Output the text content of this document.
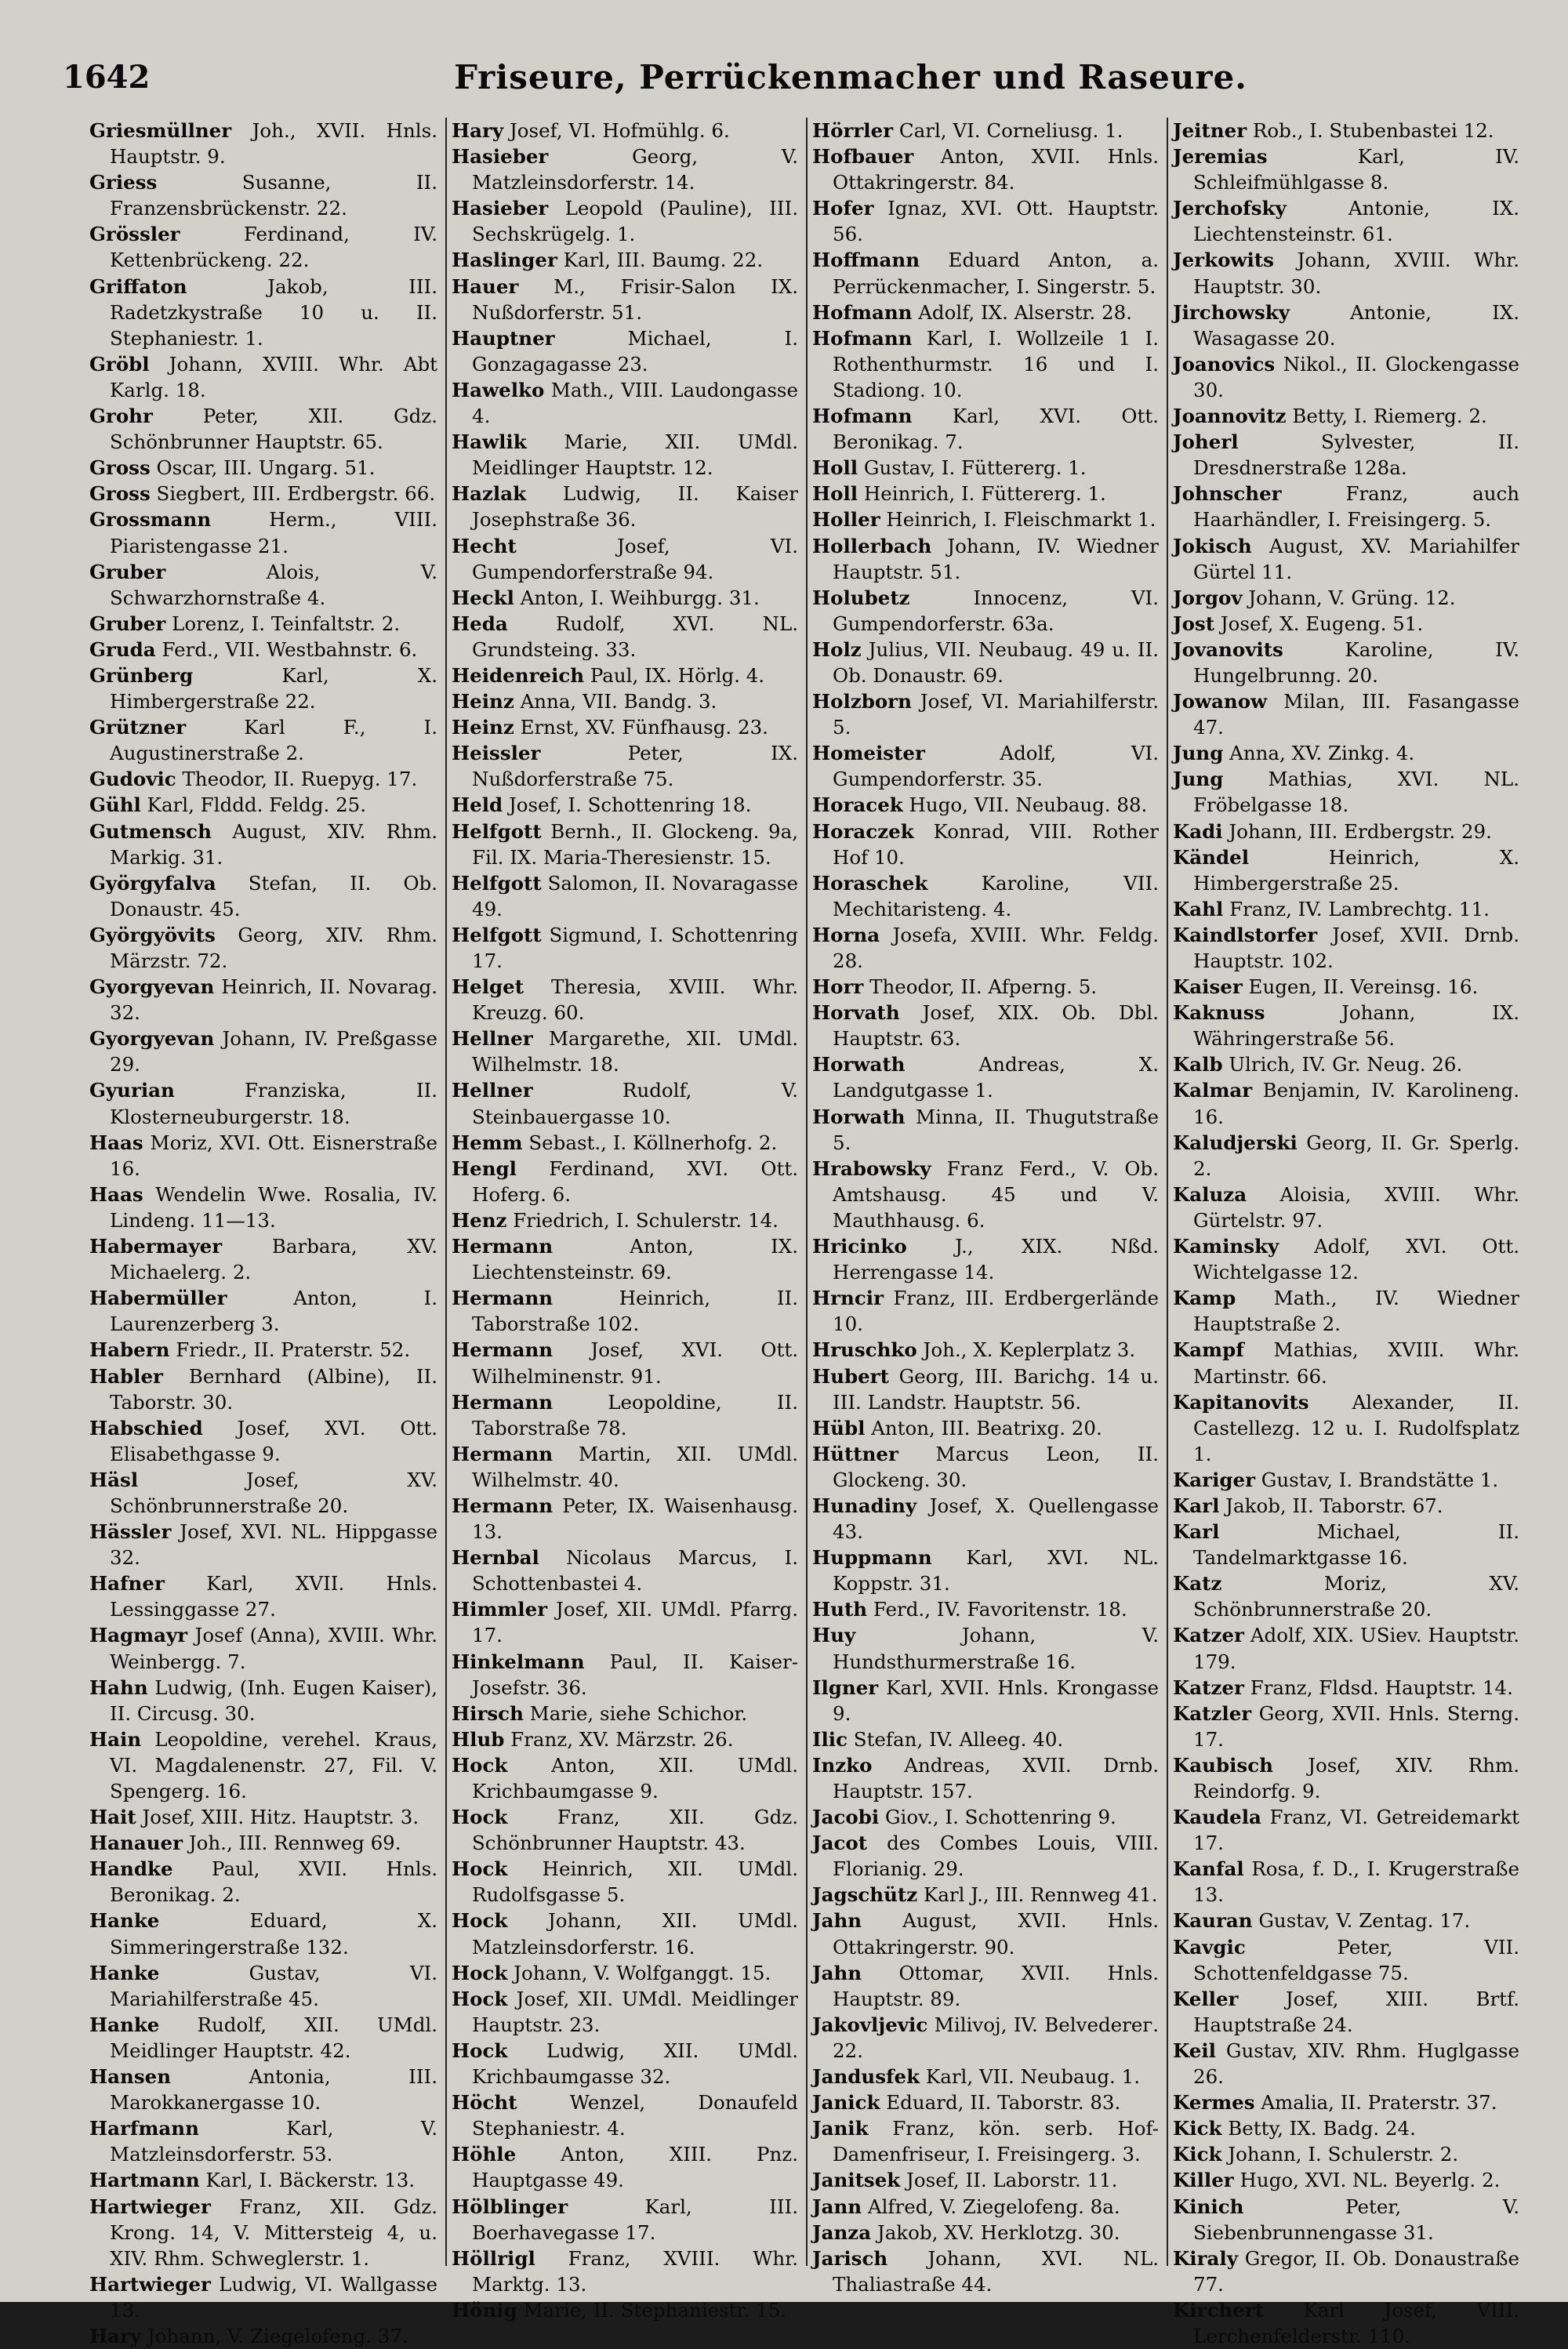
1642	Friseure, Perrückenmacher und Raseure.
Griesmüllner Joh., XVII. Hnls. Hauptstr. 9.
Griess Susanne, II. Franzensbrückenstr. 22.
Grössler Ferdinand, IV. Kettenbrückeng. 22.
Griffaton Jakob, III. Radetzkystraße 10 u. II. Stephaniestr. 1.
Gröbl Johann, XVIII. Whr. Abt Karlg. 18.
Grohr Peter, XII. Gdz. Schönbrunner Hauptstr. 65.
Gross Oscar, III. Ungarg. 51.
Gross Siegbert, III. Erdbergstr. 66.
Grossmann Herm., VIII. Piaristengasse 21.
Gruber Alois, V. Schwarzhornstraße 4.
Gruber Lorenz, I. Teinfaltstr. 2.
Gruda Ferd., VII. Westbahnstr. 6.
Grünberg Karl, X. Himbergerstraße 22.
Grützner Karl F., I. Augustinerstraße 2.
Gudovic Theodor, II. Ruepyg. 17.
Gühl Karl, Flddd. Feldg. 25.
Gutmensch August, XIV. Rhm. Markig. 31.
Györgyfalva Stefan, II. Ob. Donaustr. 45.
Györgyövits Georg, XIV. Rhm. Märzstr. 72.
Gyorgyevan Heinrich, II. Novarag. 32.
Gyorgyevan Johann, IV. Preßgasse 29.
Gyurian Franziska, II. Klosterneuburgerstr. 18.
Haas Moriz, XVI. Ott. Eisnerstraße 16.
Haas Wendelin Wwe. Rosalia, IV. Lindeng. 11—13.
Habermayer Barbara, XV. Michaelerg. 2.
Habermüller Anton, I. Laurenzerberg 3.
Habern Friedr., II. Praterstr. 52.
Habler Bernhard (Albine), II. Taborstr. 30.
Habschied Josef, XVI. Ott. Elisabethgasse 9.
Häsl Josef, XV. Schönbrunnerstraße 20.
Hässler Josef, XVI. NL. Hippgasse 32.
Hafner Karl, XVII. Hnls. Lessinggasse 27.
Hagmayr Josef (Anna), XVIII. Whr. Weinbergg. 7.
Hahn Ludwig, (Inh. Eugen Kaiser), II. Circusg. 30.
Hain Leopoldine, verehel. Kraus, VI. Magdalenenstr. 27, Fil. V. Spengerg. 16.
Hait Josef, XIII. Hitz. Hauptstr. 3.
Hanauer Joh., III. Rennweg 69.
Handke Paul, XVII. Hnls. Beronikag. 2.
Hanke Eduard, X. Simmeringerstraße 132.
Hanke Gustav, VI. Mariahilferstraße 45.
Hanke Rudolf, XII. UMdl. Meidlinger Hauptstr. 42.
Hansen Antonia, III. Marokkanergasse 10.
Harfmann Karl, V. Matzleinsdorferstr. 53.
Hartmann Karl, I. Bäckerstr. 13.
Hartwieger Franz, XII. Gdz. Krong. 14, V. Mittersteig 4, u. XIV. Rhm. Schweglerstr. 1.
Hartwieger Ludwig, VI. Wallgasse 13.
Hary Johann, V. Ziegelofeng. 37.
Hary Josef, VI. Hofmühlg. 6.
Hasieber Georg, V. Matzleinsdorferstr. 14.
Hasieber Leopold (Pauline), III. Sechskrügelg. 1.
Haslinger Karl, III. Baumg. 22.
Hauer M., Frisir-Salon IX. Nußdorferstr. 51.
Hauptner Michael, I. Gonzagagasse 23.
Hawelko Math., VIII. Laudongasse 4.
Hawlik Marie, XII. UMdl. Meidlinger Hauptstr. 12.
Hazlak Ludwig, II. Kaiser Josephstraße 36.
Hecht Josef, VI. Gumpendorferstraße 94.
Heckl Anton, I. Weihburgg. 31.
Heda Rudolf, XVI. NL. Grundsteing. 33.
Heidenreich Paul, IX. Hörlg. 4.
Heinz Anna, VII. Bandg. 3.
Heinz Ernst, XV. Fünfhausg. 23.
Heissler Peter, IX. Nußdorferstraße 75.
Held Josef, I. Schottenring 18.
Helfgott Bernh., II. Glockeng. 9a, Fil. IX. Maria-Theresienstr. 15.
Helfgott Salomon, II. Novaragasse 49.
Helfgott Sigmund, I. Schottenring 17.
Helget Theresia, XVIII. Whr. Kreuzg. 60.
Hellner Margarethe, XII. UMdl. Wilhelmstr. 18.
Hellner Rudolf, V. Steinbauergasse 10.
Hemm Sebast., I. Köllnerhofg. 2.
Hengl Ferdinand, XVI. Ott. Hoferg. 6.
Henz Friedrich, I. Schulerstr. 14.
Hermann Anton, IX. Liechtensteinstr. 69.
Hermann Heinrich, II. Taborstraße 102.
Hermann Josef, XVI. Ott. Wilhelminenstr. 91.
Hermann Leopoldine, II. Taborstraße 78.
Hermann Martin, XII. UMdl. Wilhelmstr. 40.
Hermann Peter, IX. Waisenhausg. 13.
Hernbal Nicolaus Marcus, I. Schottenbastei 4.
Himmler Josef, XII. UMdl. Pfarrg. 17.
Hinkelmann Paul, II. Kaiser-Josefstr. 36.
Hirsch Marie, siehe Schichor.
Hlub Franz, XV. Märzstr. 26.
Hock Anton, XII. UMdl. Krichbaumgasse 9.
Hock Franz, XII. Gdz. Schönbrunner Hauptstr. 43.
Hock Heinrich, XII. UMdl. Rudolfsgasse 5.
Hock Johann, XII. UMdl. Matzleinsdorferstr. 16.
Hock Johann, V. Wolfganggt. 15.
Hock Josef, XII. UMdl. Meidlinger Hauptstr. 23.
Hock Ludwig, XII. UMdl. Krichbaumgasse 32.
Höcht Wenzel, Donaufeld Stephaniestr. 4.
Höhle Anton, XIII. Pnz. Hauptgasse 49.
Hölblinger Karl, III. Boerhavegasse 17.
Höllrigl Franz, XVIII. Whr. Marktg. 13.
Hönig Marie, II. Stephaniestr. 15.
Hörrler Carl, VI. Corneliusg. 1.
Hofbauer Anton, XVII. Hnls. Ottakringerstr. 84.
Hofer Ignaz, XVI. Ott. Hauptstr. 56.
Hoffmann Eduard Anton, a. Perrückenmacher, I. Singerstr. 5.
Hofmann Adolf, IX. Alserstr. 28.
Hofmann Karl, I. Wollzeile 1 I. Rothenthurmstr. 16 und I. Stadiong. 10.
Hofmann Karl, XVI. Ott. Beronikag. 7.
Holl Gustav, I. Füttererg. 1.
Holl Heinrich, I. Füttererg. 1.
Holler Heinrich, I. Fleischmarkt 1.
Hollerbach Johann, IV. Wiedner Hauptstr. 51.
Holubetz Innocenz, VI. Gumpendorferstr. 63a.
Holz Julius, VII. Neubaug. 49 u. II. Ob. Donaustr. 69.
Holzborn Josef, VI. Mariahilferstr. 5.
Homeister Adolf, VI. Gumpendorferstr. 35.
Horacek Hugo, VII. Neubaug. 88.
Horaczek Konrad, VIII. Rother Hof 10.
Horaschek Karoline, VII. Mechitaristeng. 4.
Horna Josefa, XVIII. Whr. Feldg. 28.
Horr Theodor, II. Afperng. 5.
Horvath Josef, XIX. Ob. Dbl. Hauptstr. 63.
Horwath Andreas, X. Landgutgasse 1.
Horwath Minna, II. Thugutstraße 5.
Hrabowsky Franz Ferd., V. Ob. Amtshausg. 45 und V. Mauthhausg. 6.
Hricinko J., XIX. Nßd. Herrengasse 14.
Hrncir Franz, III. Erdbergerlände 10.
Hruschko Joh., X. Keplerplatz 3.
Hubert Georg, III. Barichg. 14 u. III. Landstr. Hauptstr. 56.
Hübl Anton, III. Beatrixg. 20.
Hüttner Marcus Leon, II. Glockeng. 30.
Hunadiny Josef, X. Quellengasse 43.
Huppmann Karl, XVI. NL. Koppstr. 31.
Huth Ferd., IV. Favoritenstr. 18.
Huy Johann, V. Hundsthurmerstraße 16.
Ilgner Karl, XVII. Hnls. Krongasse 9.
Ilic Stefan, IV. Alleeg. 40.
Inzko Andreas, XVII. Drnb. Hauptstr. 157.
Jacobi Giov., I. Schottenring 9.
Jacot des Combes Louis, VIII. Florianig. 29.
Jagschütz Karl J., III. Rennweg 41.
Jahn August, XVII. Hnls. Ottakringerstr. 90.
Jahn Ottomar, XVII. Hnls. Hauptstr. 89.
Jakovljevic Milivoj, IV. Belvederег. 22.
Jandusfek Karl, VII. Neubaug. 1.
Janick Eduard, II. Taborstr. 83.
Janik Franz, kön. serb. Hof-Damenfriseur, I. Freisingerg. 3.
Janitsek Josef, II. Laborstr. 11.
Jann Alfred, V. Ziegelofeng. 8a.
Janza Jakob, XV. Herklotzg. 30.
Jarisch Johann, XVI. NL. Thaliastraße 44.
Jeitner Rob., I. Stubenbastei 12.
Jeremias Karl, IV. Schleifmühlgasse 8.
Jerchofsky Antonie, IX. Liechtensteinstr. 61.
Jerkowits Johann, XVIII. Whr. Hauptstr. 30.
Jirchowsky Antonie, IX. Wasagasse 20.
Joanovics Nikol., II. Glockengasse 30.
Joannovitz Betty, I. Riemerg. 2.
Joherl Sylvester, II. Dresdnerstraße 128a.
Johnscher Franz, auch Haarhändler, I. Freisingerg. 5.
Jokisch August, XV. Mariahilfer Gürtel 11.
Jorgov Johann, V. Grüng. 12.
Jost Josef, X. Eugeng. 51.
Jovanovits Karoline, IV. Hungelbrunng. 20.
Jowanow Milan, III. Fasangasse 47.
Jung Anna, XV. Zinkg. 4.
Jung Mathias, XVI. NL. Fröbelgasse 18.
Kadi Johann, III. Erdbergstr. 29.
Kändel Heinrich, X. Himbergerstraße 25.
Kahl Franz, IV. Lambrechtg. 11.
Kaindlstorfer Josef, XVII. Drnb. Hauptstr. 102.
Kaiser Eugen, II. Vereinsg. 16.
Kaknuss Johann, IX. Währingerstraße 56.
Kalb Ulrich, IV. Gr. Neug. 26.
Kalmar Benjamin, IV. Karolineng. 16.
Kaludjerski Georg, II. Gr. Sperlg. 2.
Kaluza Aloisia, XVIII. Whr. Gürtelstr. 97.
Kaminsky Adolf, XVI. Ott. Wichtelgasse 12.
Kamp Math., IV. Wiedner Hauptstraße 2.
Kampf Mathias, XVIII. Whr. Martinstr. 66.
Kapitanovits Alexander, II. Castellezg. 12 u. I. Rudolfsplatz 1.
Kariger Gustav, I. Brandstätte 1.
Karl Jakob, II. Taborstr. 67.
Karl Michael, II. Tandelmarktgasse 16.
Katz Moriz, XV. Schönbrunnerstraße 20.
Katzer Adolf, XIX. USiev. Hauptstr. 179.
Katzer Franz, Fldsd. Hauptstr. 14.
Katzler Georg, XVII. Hnls. Sterng. 17.
Kaubisch Josef, XIV. Rhm. Reindorfg. 9.
Kaudela Franz, VI. Getreidemarkt 17.
Kanfal Rosa, f. D., I. Krugerstraße 13.
Kauran Gustav, V. Zentag. 17.
Kavgic Peter, VII. Schottenfeldgasse 75.
Keller Josef, XIII. Brtf. Hauptstraße 24.
Keil Gustav, XIV. Rhm. Huglgasse 26.
Kermes Amalia, II. Praterstr. 37.
Kick Betty, IX. Badg. 24.
Kick Johann, I. Schulerstr. 2.
Killer Hugo, XVI. NL. Beyerlg. 2.
Kinich Peter, V. Siebenbrunnengasse 31.
Kiraly Gregor, II. Ob. Donaustraße 77.
Kirchert Karl Josef, VIII. Lerchenfelderstr. 110.
